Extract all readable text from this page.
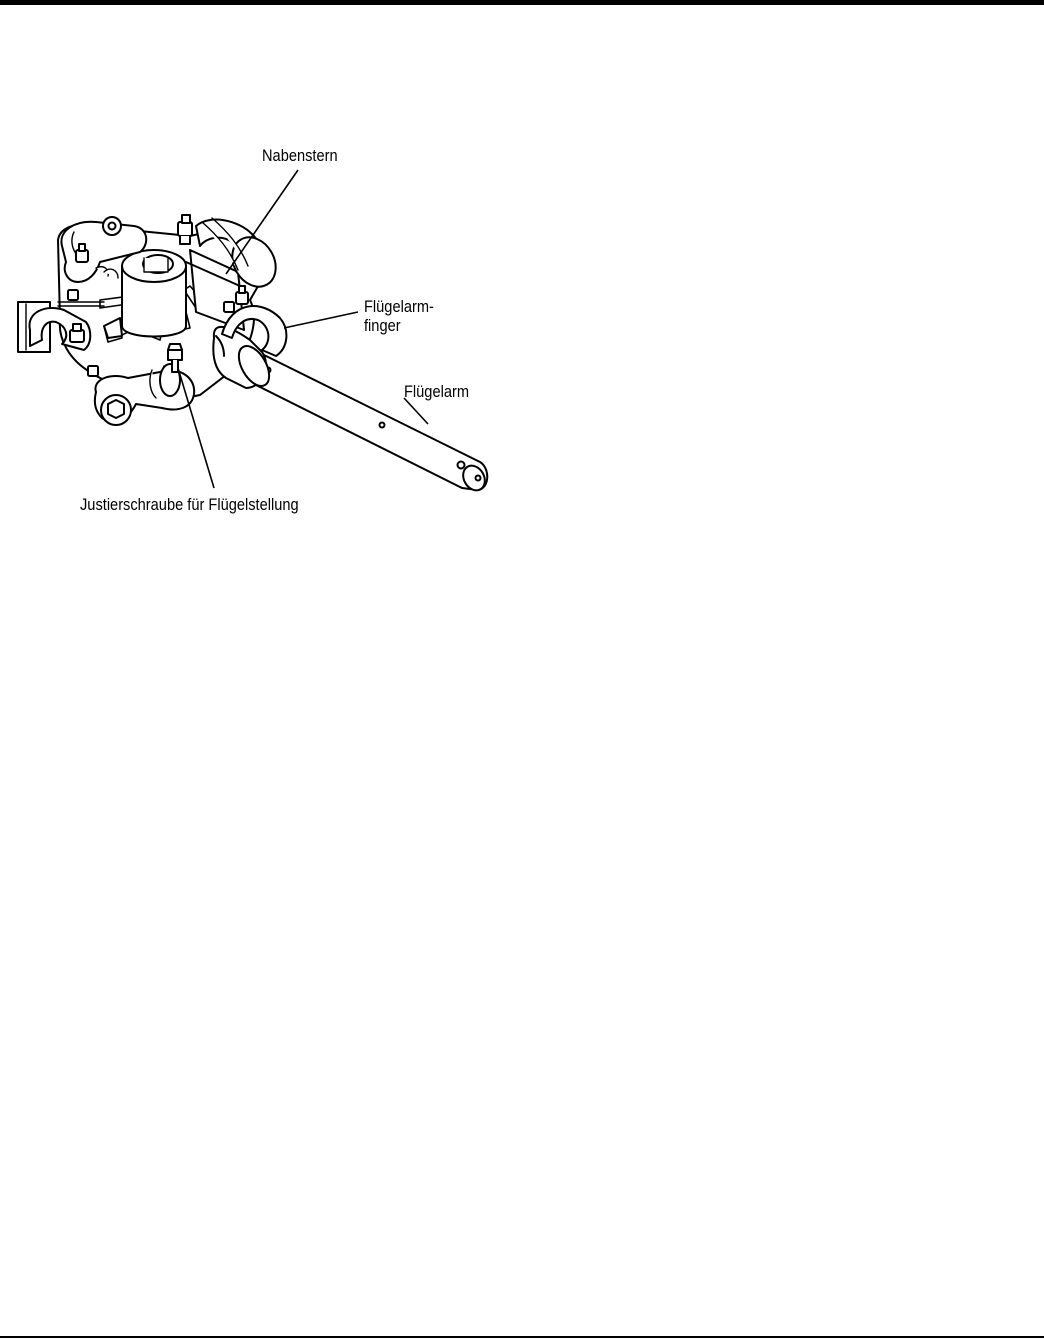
Nabenstern
Flügelarm-
finger
Flügelarm
Justierschraube für Flügelstellung
